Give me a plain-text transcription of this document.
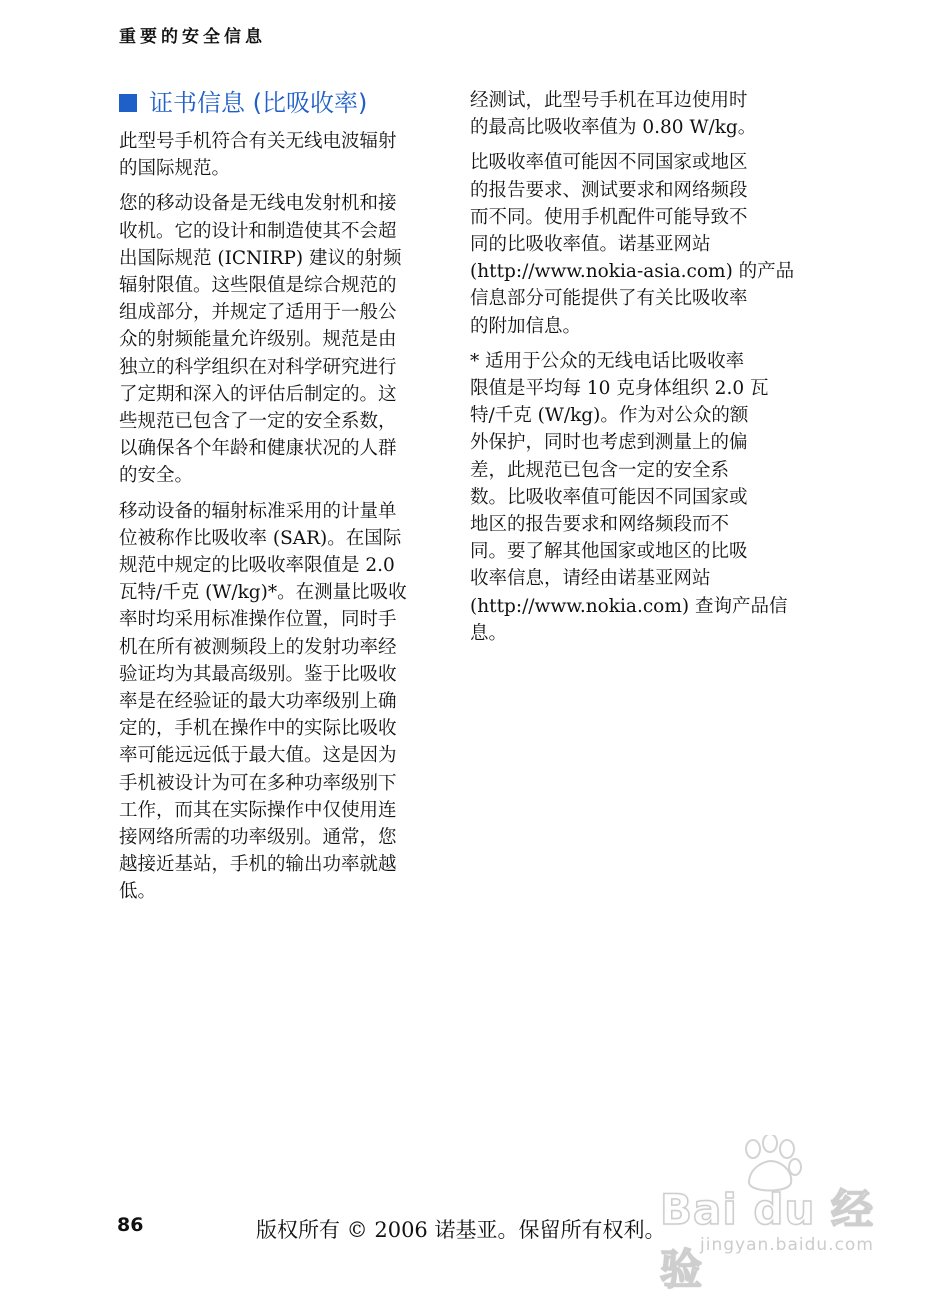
重要的安全信息
证书信息 (比吸收率)

此型号手机符合有关无线电波辐射
的国际规范。

您的移动设备是无线电发射机和接
收机。它的设计和制造使其不会超
出国际规范 (ICNIRP) 建议的射频
辐射限值。这些限值是综合规范的
组成部分，并规定了适用于一般公
众的射频能量允许级别。规范是由
独立的科学组织在对科学研究进行
了定期和深入的评估后制定的。这
些规范已包含了一定的安全系数，
以确保各个年龄和健康状况的人群
的安全。

移动设备的辐射标准采用的计量单
位被称作比吸收率 (SAR)。在国际
规范中规定的比吸收率限值是 2.0
瓦特/千克 (W/kg)*。在测量比吸收
率时均采用标准操作位置，同时手
机在所有被测频段上的发射功率经
验证均为其最高级别。鉴于比吸收
率是在经验证的最大功率级别上确
定的，手机在操作中的实际比吸收
率可能远远低于最大值。这是因为
手机被设计为可在多种功率级别下
工作，而其在实际操作中仅使用连
接网络所需的功率级别。通常，您
越接近基站，手机的输出功率就越
低。

经测试，此型号手机在耳边使用时
的最高比吸收率值为 0.80 W/kg。

比吸收率值可能因不同国家或地区
的报告要求、测试要求和网络频段
而不同。使用手机配件可能导致不
同的比吸收率值。诺基亚网站
(http://www.nokia-asia.com) 的产品
信息部分可能提供了有关比吸收率
的附加信息。

* 适用于公众的无线电话比吸收率
限值是平均每 10 克身体组织 2.0 瓦
特/千克 (W/kg)。作为对公众的额
外保护，同时也考虑到测量上的偏
差，此规范已包含一定的安全系
数。比吸收率值可能因不同国家或
地区的报告要求和网络频段而不
同。要了解其他国家或地区的比吸
收率信息，请经由诺基亚网站
(http://www.nokia.com) 查询产品信
息。

86	版权所有 © 2006 诺基亚。保留所有权利。
Bai du 经验
jingyan.baidu.com
